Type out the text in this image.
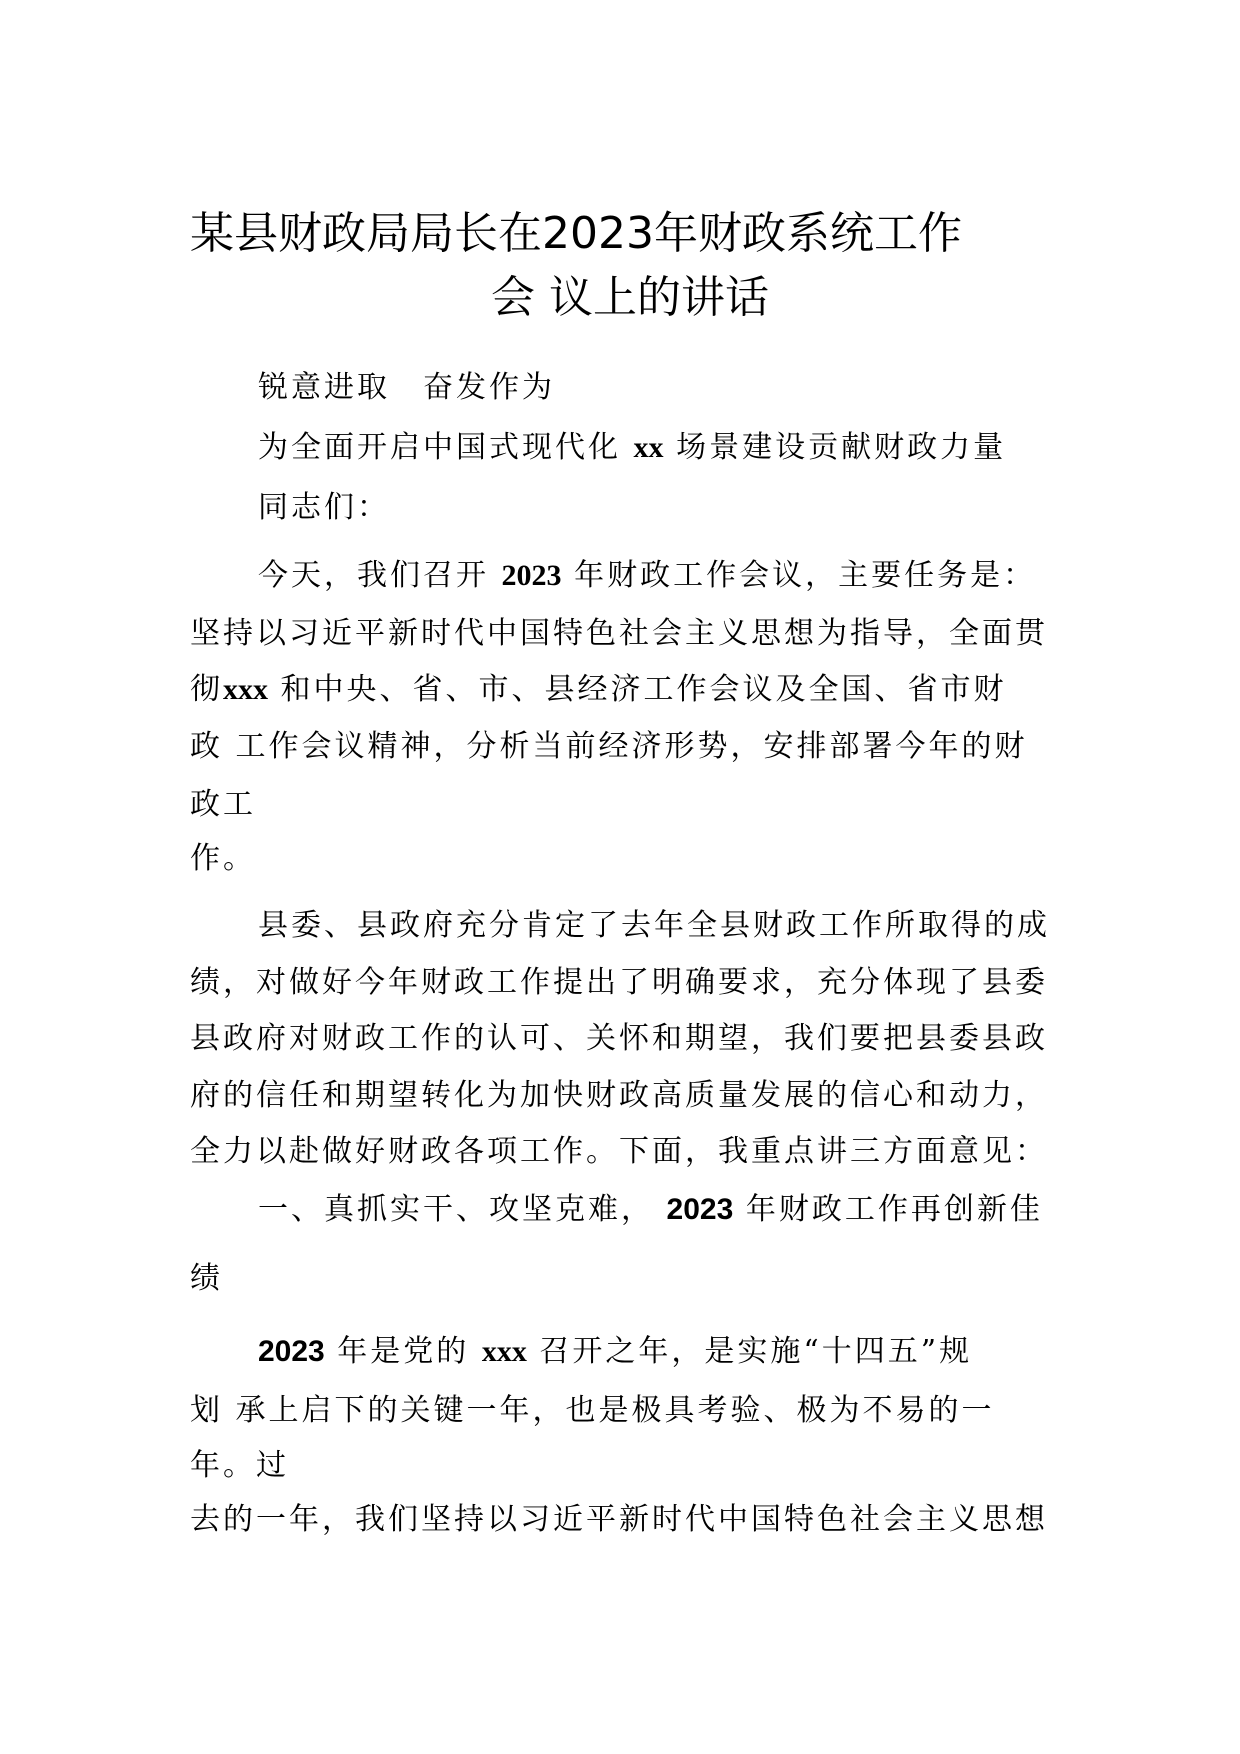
某县财政局局长在2023年财政系统工作
会 议上的讲话
锐意进取　奋发作为
为全面开启中国式现代化 xx 场景建设贡献财政力量
同志们：
今天，我们召开 2023 年财政工作会议，主要任务是：
坚持以习近平新时代中国特色社会主义思想为指导，全面贯
彻xxx 和中央、省、市、县经济工作会议及全国、省市财
政 工作会议精神，分析当前经济形势，安排部署今年的财
政工
作。
县委、县政府充分肯定了去年全县财政工作所取得的成
绩，对做好今年财政工作提出了明确要求，充分体现了县委
县政府对财政工作的认可、关怀和期望，我们要把县委县政
府的信任和期望转化为加快财政高质量发展的信心和动力，
全力以赴做好财政各项工作。下面，我重点讲三方面意见：
一、真抓实干、攻坚克难， 2023 年财政工作再创新佳
绩
2023 年是党的 xxx 召开之年，是实施“十四五”规
划 承上启下的关键一年，也是极具考验、极为不易的一
年。过
去的一年，我们坚持以习近平新时代中国特色社会主义思想
